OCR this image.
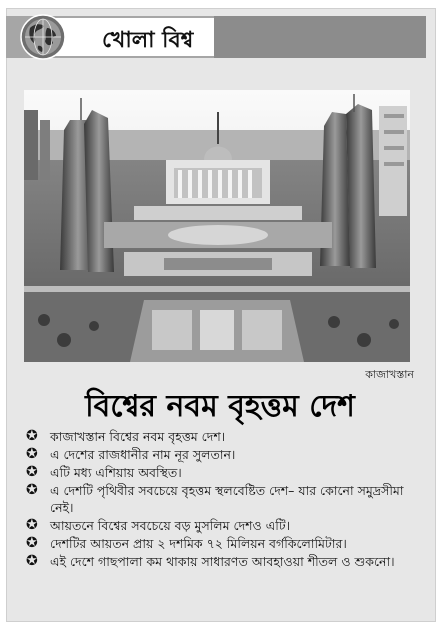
খোলা বিশ্ব
কাজাখস্তান
বিশ্বের নবম বৃহত্তম দেশ
✪ কাজাখস্তান বিশ্বের নবম বৃহত্তম দেশ।
✪ এ দেশের রাজধানীর নাম নূর সুলতান।
✪ এটি মধ্য এশিয়ায় অবস্থিত।
✪ এ দেশটি পৃথিবীর সবচেয়ে বৃহত্তম স্থলবেষ্টিত দেশ– যার কোনো সমুদ্রসীমা নেই।
✪ আয়তনে বিশ্বের সবচেয়ে বড় মুসলিম দেশও এটি।
✪ দেশটির আয়তন প্রায় ২ দশমিক ৭২ মিলিয়ন বর্গকিলোমিটার।
✪ এই দেশে গাছপালা কম থাকায় সাধারণত আবহাওয়া শীতল ও শুকনো।
